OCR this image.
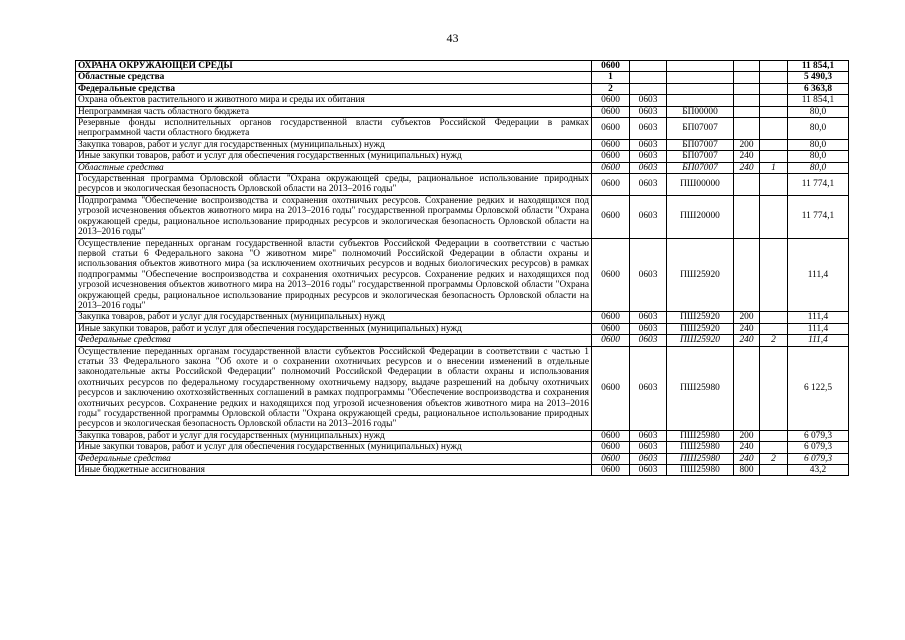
43
ОХРАНА ОКРУЖАЮЩЕЙ СРЕДЫ	0600					11 854,1
Областные средства	1					5 490,3
Федеральные средства	2					6 363,8
Охрана объектов растительного и животного мира и среды их обитания	0600	0603				11 854,1
Непрограммная часть областного бюджета	0600	0603	БП00000			80,0
Резервные фонды исполнительных органов государственной власти субъектов Российской Федерации в рамках непрограммной части областного бюджета	0600	0603	БП07007			80,0
Закупка товаров, работ и услуг для государственных (муниципальных) нужд	0600	0603	БП07007	200		80,0
Иные закупки товаров, работ и услуг для обеспечения государственных (муниципальных) нужд	0600	0603	БП07007	240		80,0
Областные средства	0600	0603	БП07007	240	1	80,0
Государственная программа Орловской области "Охрана окружающей среды, рациональное использование природных ресурсов и экологическая безопасность Орловской области на 2013–2016 годы"	0600	0603	ПШ00000			11 774,1
Подпрограмма "Обеспечение воспроизводства и сохранения охотничьих ресурсов. Сохранение редких и находящихся под угрозой исчезновения объектов животного мира на 2013–2016 годы" государственной программы Орловской области "Охрана окружающей среды, рациональное использование природных ресурсов и экологическая безопасность Орловской области на 2013–2016 годы"	0600	0603	ПШ20000			11 774,1
Осуществление переданных органам государственной власти субъектов Российской Федерации в соответствии с частью первой статьи 6 Федерального закона "О животном мире" полномочий Российской Федерации в области охраны и использования объектов животного мира (за исключением охотничьих ресурсов и водных биологических ресурсов) в рамках подпрограммы "Обеспечение воспроизводства и сохранения охотничьих ресурсов. Сохранение редких и находящихся под угрозой исчезновения объектов животного мира на 2013–2016 годы" государственной программы Орловской области "Охрана окружающей среды, рациональное использование природных ресурсов и экологическая безопасность Орловской области на 2013–2016 годы"	0600	0603	ПШ25920			111,4
Закупка товаров, работ и услуг для государственных (муниципальных) нужд	0600	0603	ПШ25920	200		111,4
Иные закупки товаров, работ и услуг для обеспечения государственных (муниципальных) нужд	0600	0603	ПШ25920	240		111,4
Федеральные средства	0600	0603	ПШ25920	240	2	111,4
Осуществление переданных органам государственной власти субъектов Российской Федерации в соответствии с частью 1 статьи 33 Федерального закона "Об охоте и о сохранении охотничьих ресурсов и о внесении изменений в отдельные законодательные акты Российской Федерации" полномочий Российской Федерации в области охраны и использования охотничьих ресурсов по федеральному государственному охотничьему надзору, выдаче разрешений на добычу охотничьих ресурсов и заключению охотхозяйственных соглашений в рамках подпрограммы "Обеспечение воспроизводства и сохранения охотничьих ресурсов. Сохранение редких и находящихся под угрозой исчезновения объектов животного мира на 2013–2016 годы" государственной программы Орловской области "Охрана окружающей среды, рациональное использование природных ресурсов и экологическая безопасность Орловской области на 2013–2016 годы"	0600	0603	ПШ25980			6 122,5
Закупка товаров, работ и услуг для государственных (муниципальных) нужд	0600	0603	ПШ25980	200		6 079,3
Иные закупки товаров, работ и услуг для обеспечения государственных (муниципальных) нужд	0600	0603	ПШ25980	240		6 079,3
Федеральные средства	0600	0603	ПШ25980	240	2	6 079,3
Иные бюджетные ассигнования	0600	0603	ПШ25980	800		43,2
